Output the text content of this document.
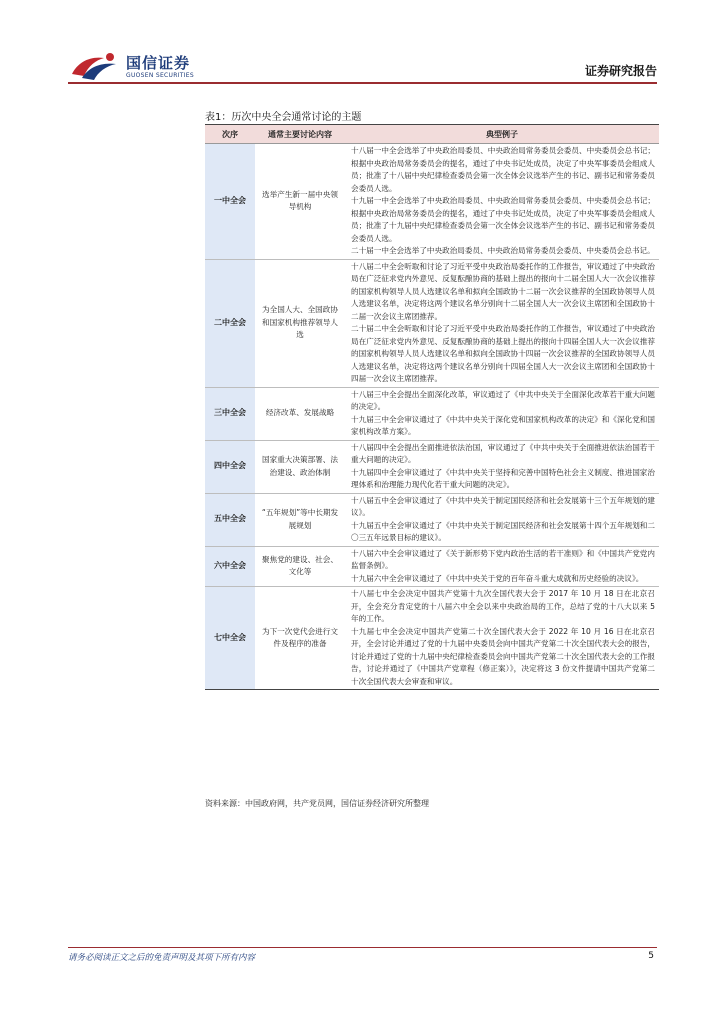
国信证券
GUOSEN SECURITIES	证券研究报告
表1：历次中央全会通常讨论的主题
次序	通常主要讨论内容	典型例子
一中全会	选举产生新一届中央领导机构	十八届一中全会选举了中央政治局委员、中央政治局常务委员会委员、中央委员会总书记；根据中央政治局常务委员会的提名，通过了中央书记处成员，决定了中央军事委员会组成人员；批准了十八届中央纪律检查委员会第一次全体会议选举产生的书记、副书记和常务委员会委员人选。

十九届一中全会选举了中央政治局委员、中央政治局常务委员会委员、中央委员会总书记；根据中央政治局常务委员会的提名，通过了中央书记处成员，决定了中央军事委员会组成人员；批准了十九届中央纪律检查委员会第一次全体会议选举产生的书记、副书记和常务委员会委员人选。

二十届一中全会选举了中央政治局委员、中央政治局常务委员会委员、中央委员会总书记。

二中全会	为全国人大、全国政协和国家机构推荐领导人选	十八届二中全会听取和讨论了习近平受中央政治局委托作的工作报告，审议通过了中央政治局在广泛征求党内外意见、反复酝酿协商的基础上提出的报向十二届全国人大一次会议推荐的国家机构领导人员人选建议名单和拟向全国政协十二届一次会议推荐的全国政协领导人员人选建议名单，决定将这两个建议名单分别向十二届全国人大一次会议主席团和全国政协十二届一次会议主席团推荐。

二十届二中全会听取和讨论了习近平受中央政治局委托作的工作报告，审议通过了中央政治局在广泛征求党内外意见、反复酝酿协商的基础上提出的报向十四届全国人大一次会议推荐的国家机构领导人员人选建议名单和拟向全国政协十四届一次会议推荐的全国政协领导人员人选建议名单，决定将这两个建议名单分别向十四届全国人大一次会议主席团和全国政协十四届一次会议主席团推荐。

三中全会	经济改革、发展战略	十八届三中全会提出全面深化改革，审议通过了《中共中央关于全面深化改革若干重大问题的决定》。

十九届三中全会审议通过了《中共中央关于深化党和国家机构改革的决定》和《深化党和国家机构改革方案》。

四中全会	国家重大决策部署、法治建设、政治体制	十八届四中全会提出全面推进依法治国，审议通过了《中共中央关于全面推进依法治国若干重大问题的决定》。

十九届四中全会审议通过了《中共中央关于坚持和完善中国特色社会主义制度、推进国家治理体系和治理能力现代化若干重大问题的决定》。

五中全会	“五年规划”等中长期发展规划	十八届五中全会审议通过了《中共中央关于制定国民经济和社会发展第十三个五年规划的建议》。

十九届五中全会审议通过了《中共中央关于制定国民经济和社会发展第十四个五年规划和二〇三五年远景目标的建议》。

六中全会	聚焦党的建设、社会、文化等	十八届六中全会审议通过了《关于新形势下党内政治生活的若干准则》和《中国共产党党内监督条例》。

十九届六中全会审议通过了《中共中央关于党的百年奋斗重大成就和历史经验的决议》。

七中全会	为下一次党代会进行文件及程序的准备	十八届七中全会决定中国共产党第十九次全国代表大会于 2017 年 10 月 18 日在北京召开，全会充分肯定党的十八届六中全会以来中央政治局的工作，总结了党的十八大以来 5 年的工作。

十九届七中全会决定中国共产党第二十次全国代表大会于 2022 年 10 月 16 日在北京召开，全会讨论并通过了党的十九届中央委员会向中国共产党第二十次全国代表大会的报告，讨论并通过了党的十九届中央纪律检查委员会向中国共产党第二十次全国代表大会的工作报告，讨论并通过了《中国共产党章程（修正案）》，决定将这 3 份文件提请中国共产党第二十次全国代表大会审查和审议。

资料来源：中国政府网，共产党员网，国信证券经济研究所整理
请务必阅读正文之后的免责声明及其项下所有内容	5
